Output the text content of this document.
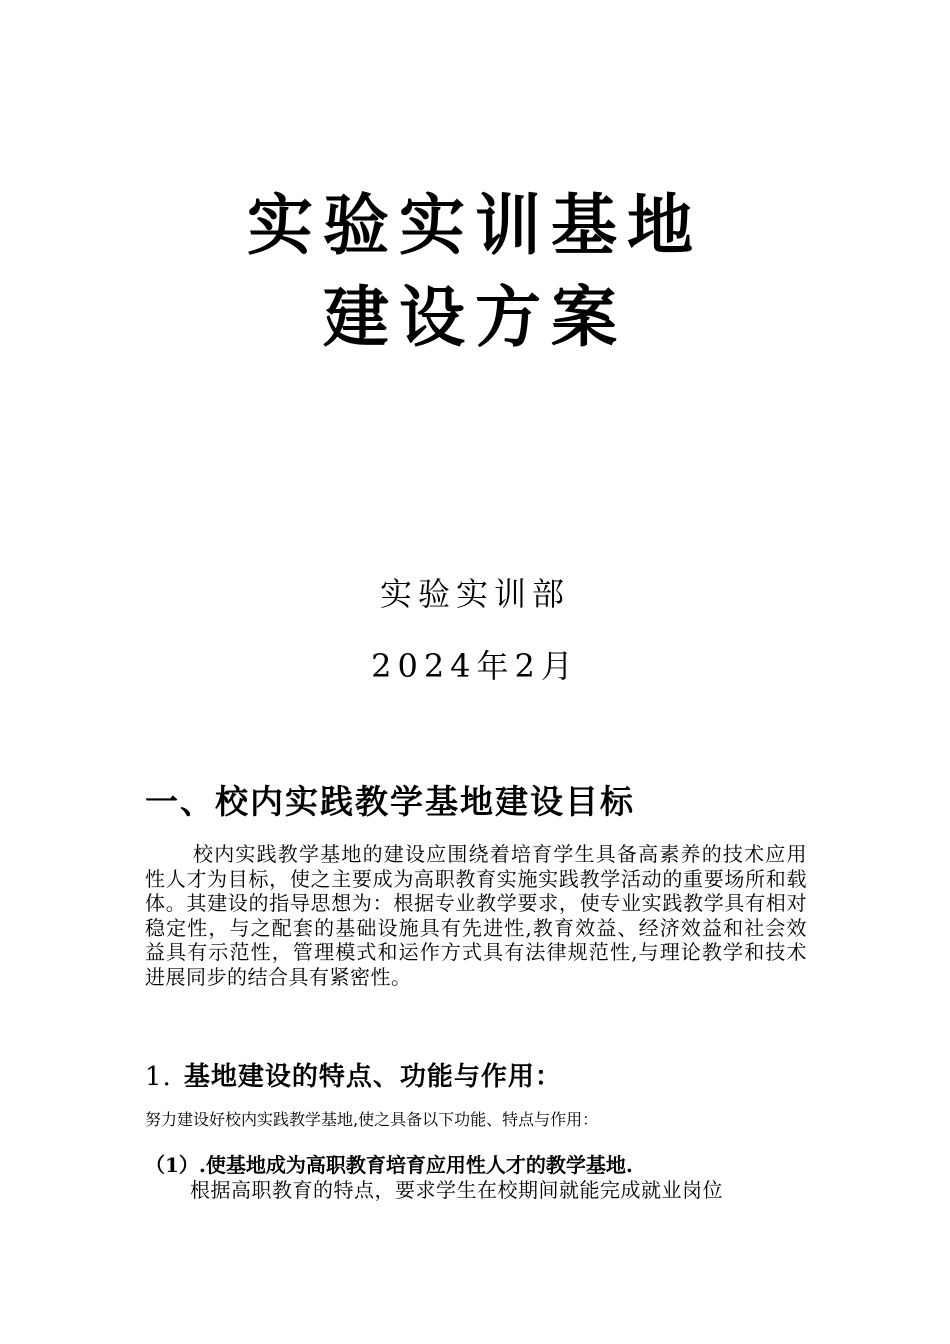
实验实训基地
建设方案
实验实训部
2024年2月
一、校内实践教学基地建设目标
校内实践教学基地的建设应围绕着培育学生具备高素养的技术应用性人才为目标，使之主要成为高职教育实施实践教学活动的重要场所和载体。其建设的指导思想为：根据专业教学要求，使专业实践教学具有相对稳定性，与之配套的基础设施具有先进性,教育效益、经济效益和社会效益具有示范性，管理模式和运作方式具有法律规范性,与理论教学和技术进展同步的结合具有紧密性。
1. 基地建设的特点、功能与作用：
努力建设好校内实践教学基地,使之具备以下功能、特点与作用：
（1）.使基地成为高职教育培育应用性人才的教学基地.
根据高职教育的特点，要求学生在校期间就能完成就业岗位
